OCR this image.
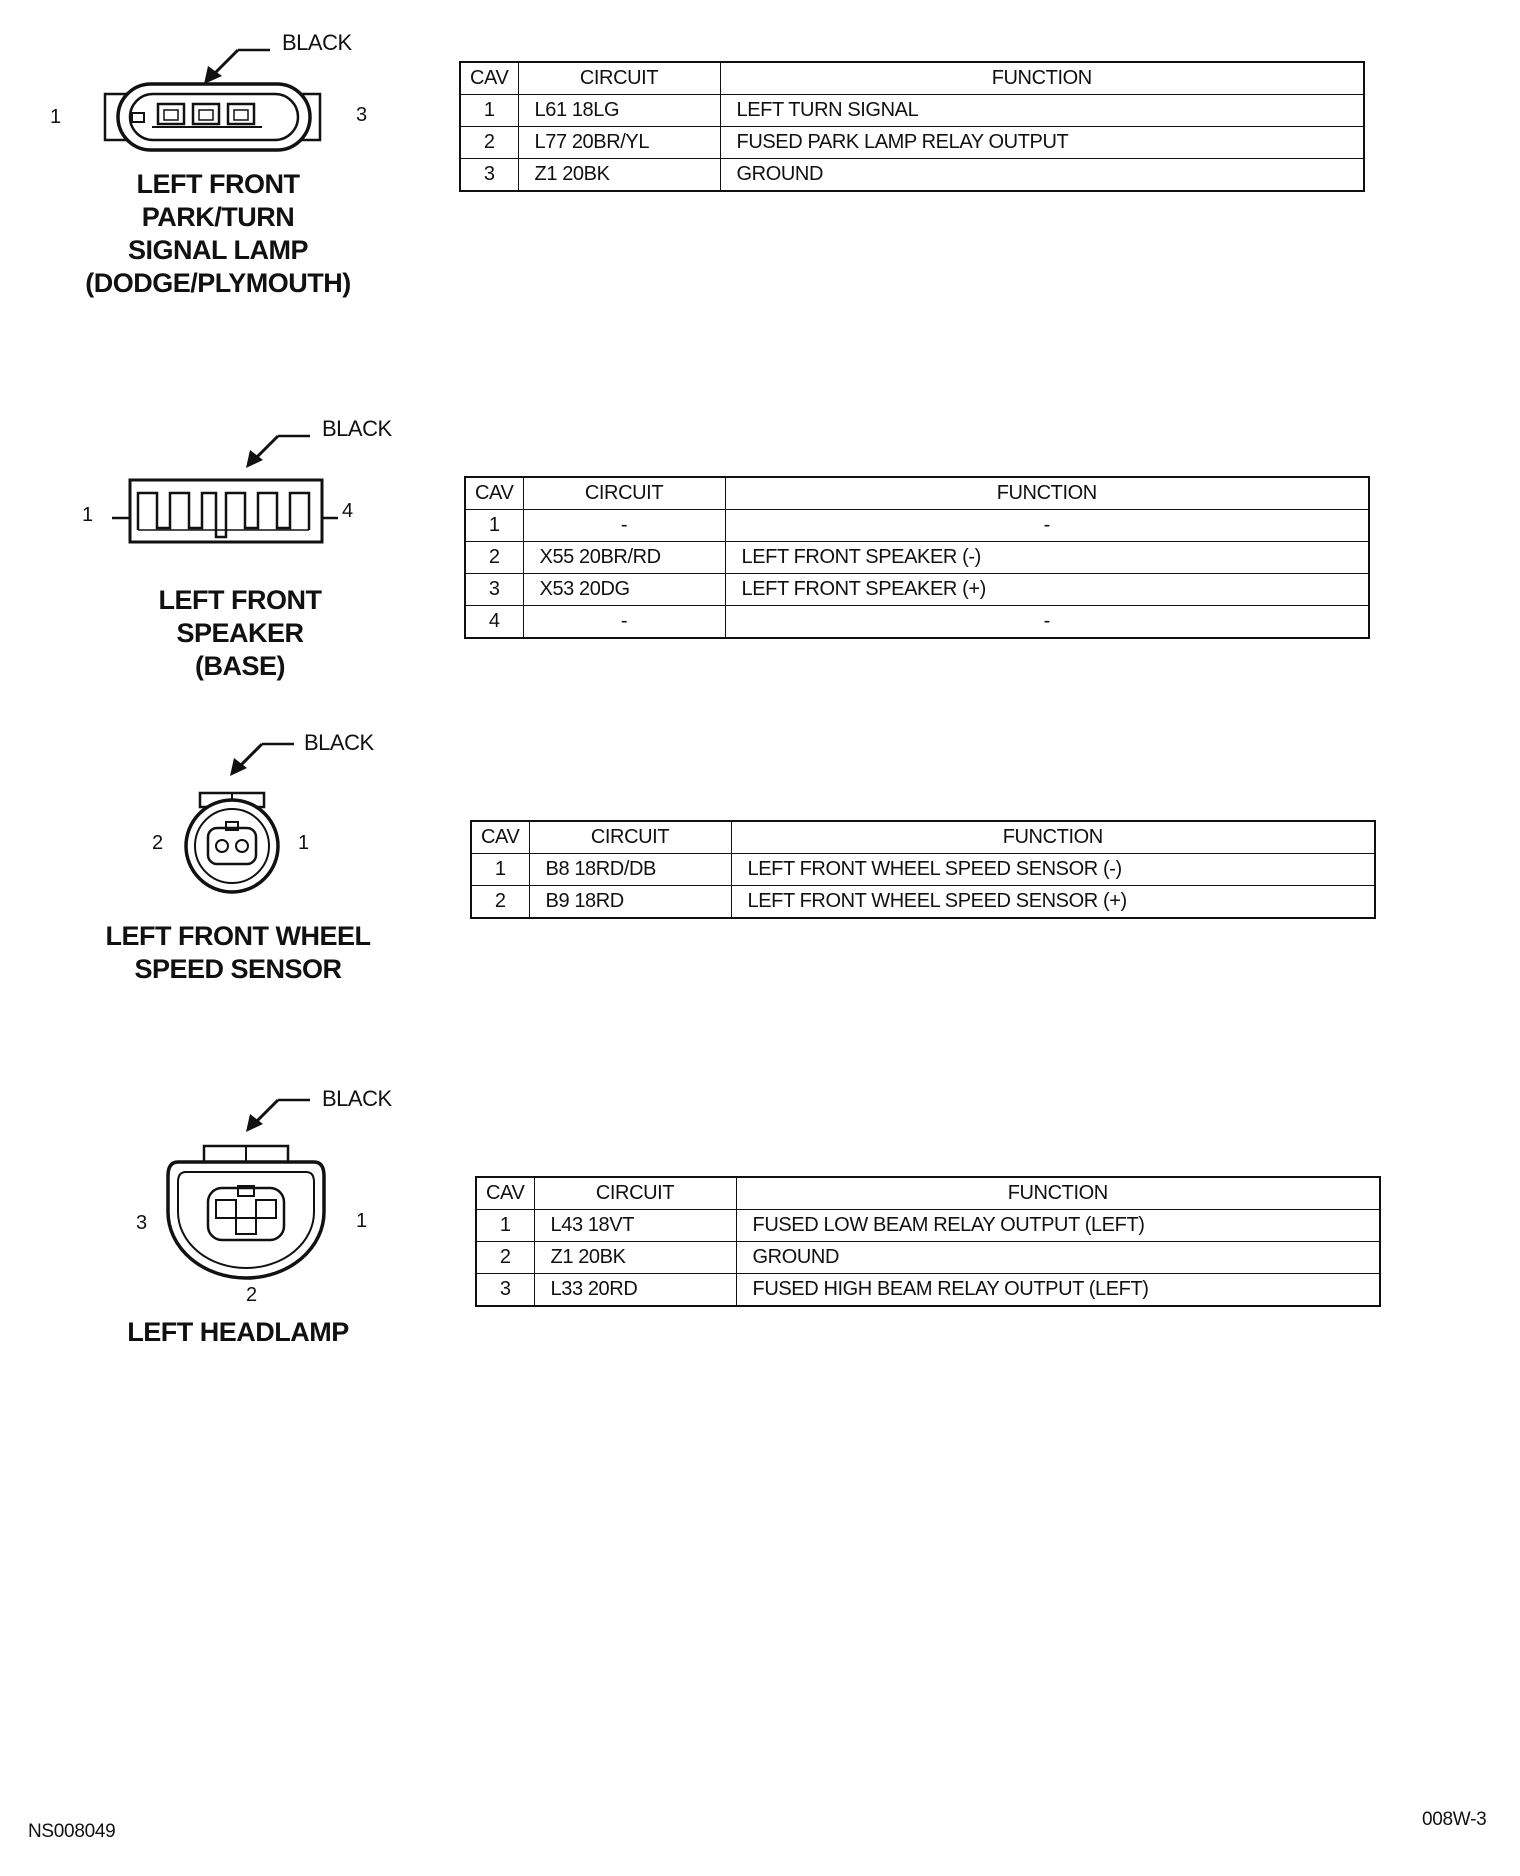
BLACK
1	3
LEFT FRONT
PARK/TURN
SIGNAL LAMP
(DODGE/PLYMOUTH)
CAV	CIRCUIT	FUNCTION
1	L61 18LG	LEFT TURN SIGNAL
2	L77 20BR/YL	FUSED PARK LAMP RELAY OUTPUT
3	Z1 20BK	GROUND
BLACK
1	4
LEFT FRONT
SPEAKER
(BASE)
CAV	CIRCUIT	FUNCTION
1	-	-
2	X55 20BR/RD	LEFT FRONT SPEAKER (-)
3	X53 20DG	LEFT FRONT SPEAKER (+)
4	-	-
BLACK
2	1
LEFT FRONT WHEEL
SPEED SENSOR
CAV	CIRCUIT	FUNCTION
1	B8 18RD/DB	LEFT FRONT WHEEL SPEED SENSOR (-)
2	B9 18RD	LEFT FRONT WHEEL SPEED SENSOR (+)
BLACK
3	1
2
LEFT HEADLAMP
CAV	CIRCUIT	FUNCTION
1	L43 18VT	FUSED LOW BEAM RELAY OUTPUT (LEFT)
2	Z1 20BK	GROUND
3	L33 20RD	FUSED HIGH BEAM RELAY OUTPUT (LEFT)
NS008049
008W-3
